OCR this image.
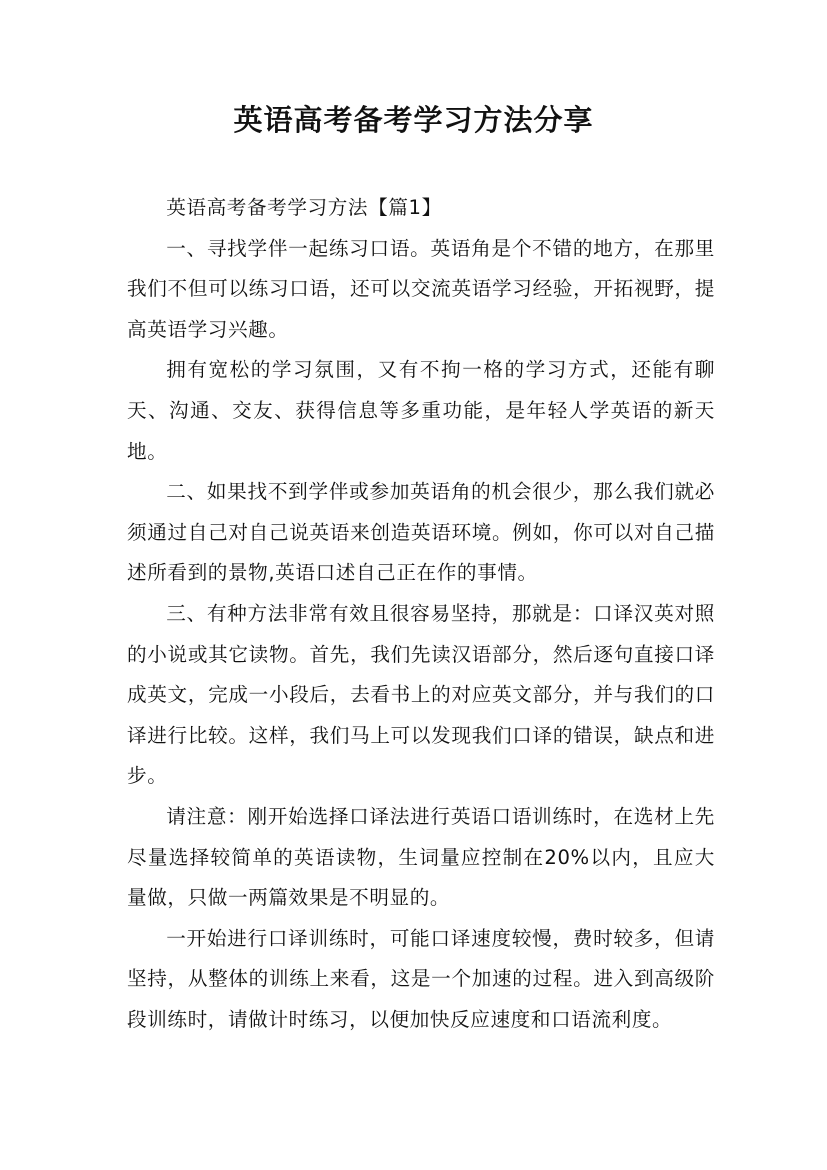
英语高考备考学习方法分享

英语高考备考学习方法【篇1】

一、寻找学伴一起练习口语。英语角是个不错的地方，在那里我们不但可以练习口语，还可以交流英语学习经验，开拓视野，提高英语学习兴趣。

拥有宽松的学习氛围，又有不拘一格的学习方式，还能有聊天、沟通、交友、获得信息等多重功能，是年轻人学英语的新天地。

二、如果找不到学伴或参加英语角的机会很少，那么我们就必须通过自己对自己说英语来创造英语环境。例如，你可以对自己描述所看到的景物,英语口述自己正在作的事情。

三、有种方法非常有效且很容易坚持，那就是：口译汉英对照的小说或其它读物。首先，我们先读汉语部分，然后逐句直接口译成英文，完成一小段后，去看书上的对应英文部分，并与我们的口译进行比较。这样，我们马上可以发现我们口译的错误，缺点和进步。

请注意：刚开始选择口译法进行英语口语训练时，在选材上先尽量选择较简单的英语读物，生词量应控制在20%以内，且应大量做，只做一两篇效果是不明显的。

一开始进行口译训练时，可能口译速度较慢，费时较多，但请坚持，从整体的训练上来看，这是一个加速的过程。进入到高级阶段训练时，请做计时练习，以便加快反应速度和口语流利度。
